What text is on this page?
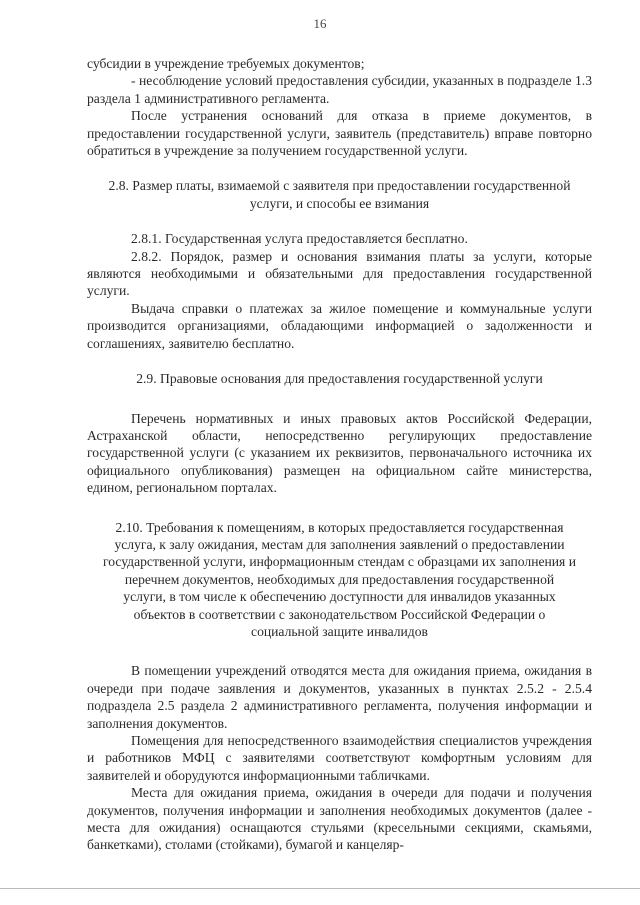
16

субсидии в учреждение требуемых документов;

- несоблюдение условий предоставления субсидии, указанных в подразделе 1.3 раздела 1 административного регламента.

После устранения оснований для отказа в приеме документов, в предоставлении государственной услуги, заявитель (представитель) вправе повторно обратиться в учреждение за получением государственной услуги.

2.8. Размер платы, взимаемой с заявителя при предоставлении государственной услуги, и способы ее взимания

2.8.1. Государственная услуга предоставляется бесплатно.

2.8.2. Порядок, размер и основания взимания платы за услуги, которые являются необходимыми и обязательными для предоставления государственной услуги.

Выдача справки о платежах за жилое помещение и коммунальные услуги производится организациями, обладающими информацией о задолженности и соглашениях, заявителю бесплатно.

2.9. Правовые основания для предоставления государственной услуги

Перечень нормативных и иных правовых актов Российской Федерации, Астраханской области, непосредственно регулирующих предоставление государственной услуги (с указанием их реквизитов, первоначального источника их официального опубликования) размещен на официальном сайте министерства, едином, региональном порталах.

2.10. Требования к помещениям, в которых предоставляется государственная услуга, к залу ожидания, местам для заполнения заявлений о предоставлении государственной услуги, информационным стендам с образцами их заполнения и перечнем документов, необходимых для предоставления государственной услуги, в том числе к обеспечению доступности для инвалидов указанных объектов в соответствии с законодательством Российской Федерации о социальной защите инвалидов

В помещении учреждений отводятся места для ожидания приема, ожидания в очереди при подаче заявления и документов, указанных в пунктах 2.5.2 - 2.5.4 подраздела 2.5 раздела 2 административного регламента, получения информации и заполнения документов.

Помещения для непосредственного взаимодействия специалистов учреждения и работников МФЦ с заявителями соответствуют комфортным условиям для заявителей и оборудуются информационными табличками.

Места для ожидания приема, ожидания в очереди для подачи и получения документов, получения информации и заполнения необходимых документов (далее - места для ожидания) оснащаются стульями (кресельными секциями, скамьями, банкетками), столами (стойками), бумагой и канцеляр-
